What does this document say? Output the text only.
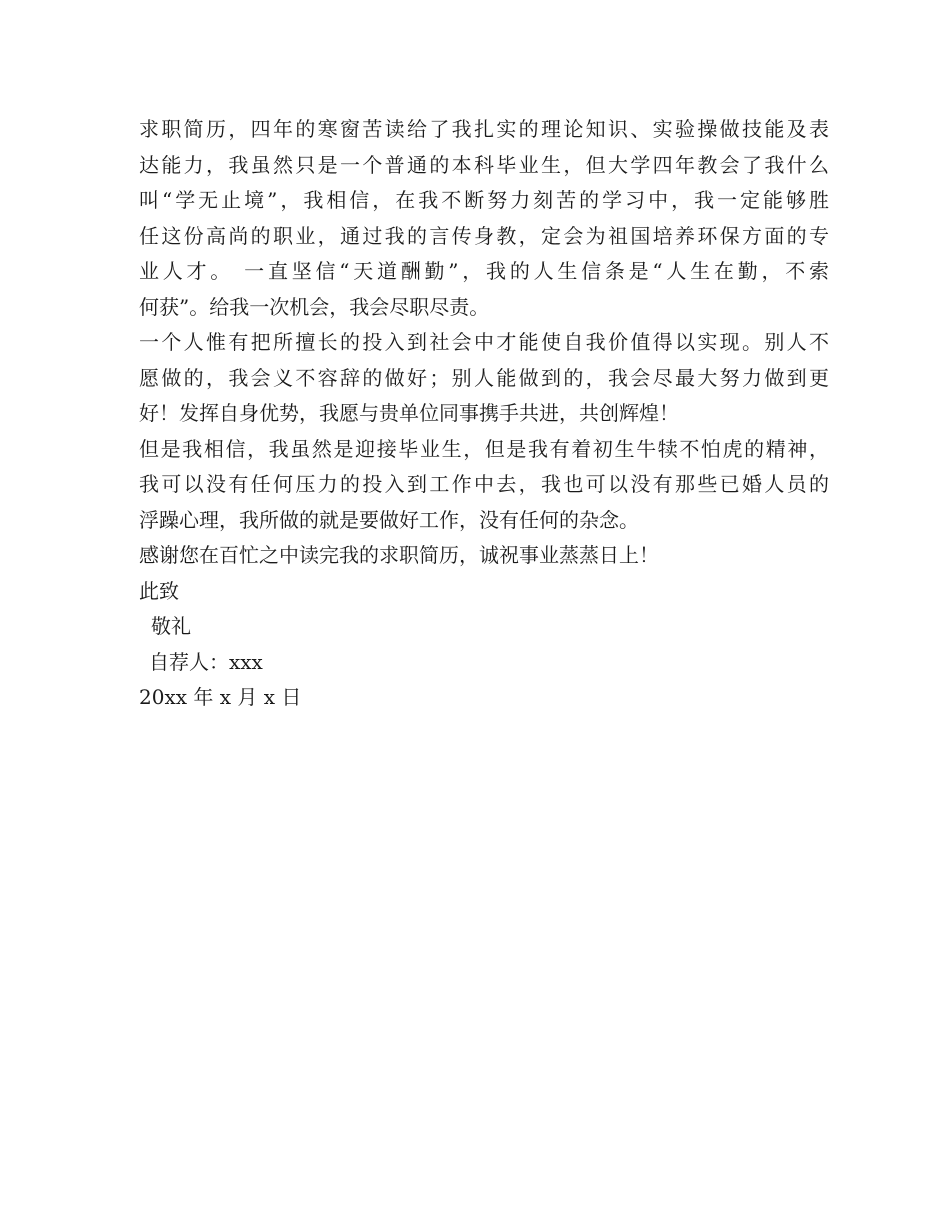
求职简历，四年的寒窗苦读给了我扎实的理论知识、实验操做技能及表
达能力，我虽然只是一个普通的本科毕业生，但大学四年教会了我什么
叫“学无止境”，我相信，在我不断努力刻苦的学习中，我一定能够胜
任这份高尚的职业，通过我的言传身教，定会为祖国培养环保方面的专
业人才。 一直坚信“天道酬勤”，我的人生信条是“人生在勤，不索
何获”。给我一次机会，我会尽职尽责。
一个人惟有把所擅长的投入到社会中才能使自我价值得以实现。别人不
愿做的，我会义不容辞的做好；别人能做到的，我会尽最大努力做到更
好！发挥自身优势，我愿与贵单位同事携手共进，共创辉煌！
但是我相信，我虽然是迎接毕业生，但是我有着初生牛犊不怕虎的精神，
我可以没有任何压力的投入到工作中去，我也可以没有那些已婚人员的
浮躁心理，我所做的就是要做好工作，没有任何的杂念。
感谢您在百忙之中读完我的求职简历，诚祝事业蒸蒸日上！
此致
敬礼
自荐人：xxx
20xx 年 x 月 x 日
